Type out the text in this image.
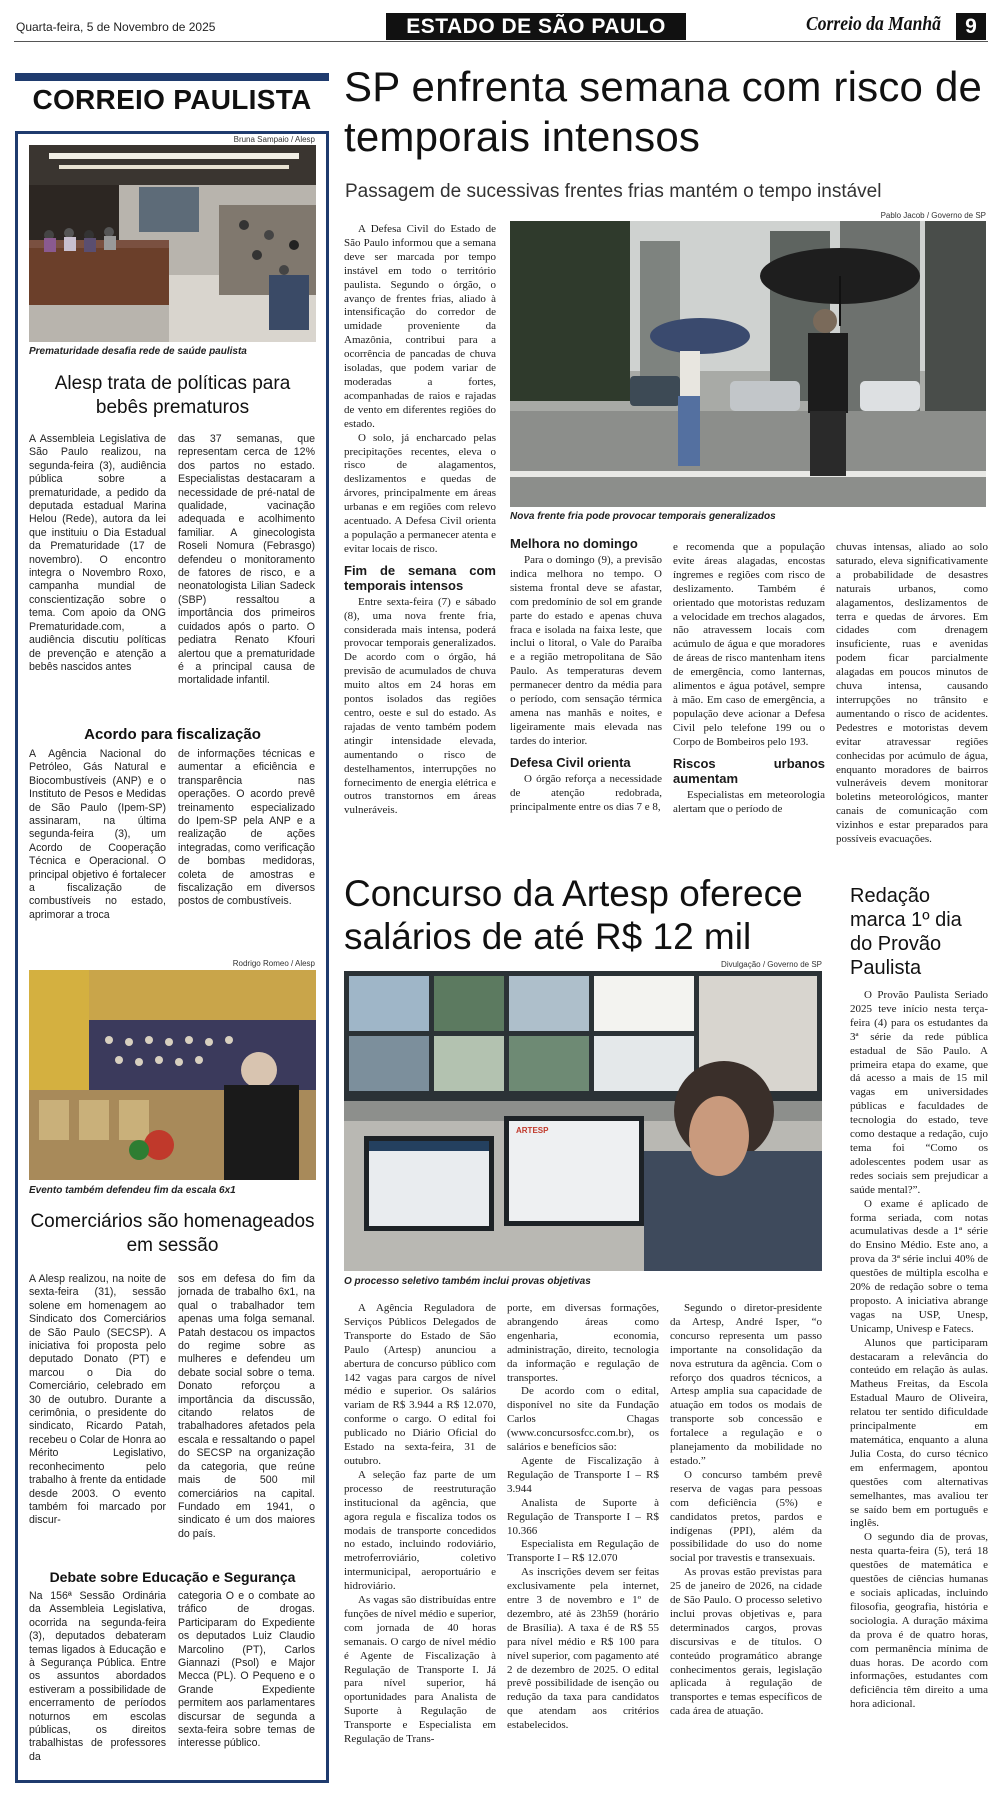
Quarta-feira, 5 de Novembro de 2025	ESTADO DE SÃO PAULO	Correio da Manhã	9
CORREIO PAULISTA
Bruna Sampaio / Alesp
Prematuridade desafia rede de saúde paulista
Alesp trata de políticas para bebês prematuros
A Assembleia Legislativa de São Paulo realizou, na segunda-feira (3), audiência pública sobre a prematuridade, a pedido da deputada estadual Marina Helou (Rede), autora da lei que instituiu o Dia Estadual da Prematuridade (17 de novembro). O encontro integra o Novembro Roxo, campanha mundial de conscientização sobre o tema. Com apoio da ONG Prematuridade.com, a audiência discutiu políticas de prevenção e atenção a bebês nascidos antes
das 37 semanas, que representam cerca de 12% dos partos no estado. Especialistas destacaram a necessidade de pré-natal de qualidade, vacinação adequada e acolhimento familiar. A ginecologista Roseli Nomura (Febrasgo) defendeu o monitoramento de fatores de risco, e a neonatologista Lilian Sadeck (SBP) ressaltou a importância dos primeiros cuidados após o parto. O pediatra Renato Kfouri alertou que a prematuridade é a principal causa de mortalidade infantil.
Acordo para fiscalização
A Agência Nacional do Petróleo, Gás Natural e Biocombustíveis (ANP) e o Instituto de Pesos e Medidas de São Paulo (Ipem-SP) assinaram, na última segunda-feira (3), um Acordo de Cooperação Técnica e Operacional. O principal objetivo é fortalecer a fiscalização de combustíveis no estado, aprimorar a troca
de informações técnicas e aumentar a eficiência e transparência nas operações. O acordo prevê treinamento especializado do Ipem-SP pela ANP e a realização de ações integradas, como verificação de bombas medidoras, coleta de amostras e fiscalização em diversos postos de combustíveis.
Rodrigo Romeo / Alesp
Evento também defendeu fim da escala 6x1
Comerciários são homenageados em sessão
A Alesp realizou, na noite de sexta-feira (31), sessão solene em homenagem ao Sindicato dos Comerciários de São Paulo (SECSP). A iniciativa foi proposta pelo deputado Donato (PT) e marcou o Dia do Comerciário, celebrado em 30 de outubro. Durante a cerimônia, o presidente do sindicato, Ricardo Patah, recebeu o Colar de Honra ao Mérito Legislativo, reconhecimento pelo trabalho à frente da entidade desde 2003. O evento também foi marcado por discur-
sos em defesa do fim da jornada de trabalho 6x1, na qual o trabalhador tem apenas uma folga semanal. Patah destacou os impactos do regime sobre as mulheres e defendeu um debate social sobre o tema. Donato reforçou a importância da discussão, citando relatos de trabalhadores afetados pela escala e ressaltando o papel do SECSP na organização da categoria, que reúne mais de 500 mil comerciários na capital. Fundado em 1941, o sindicato é um dos maiores do país.
Debate sobre Educação e Segurança
Na 156ª Sessão Ordinária da Assembleia Legislativa, ocorrida na segunda-feira (3), deputados debateram temas ligados à Educação e à Segurança Pública. Entre os assuntos abordados estiveram a possibilidade de encerramento de períodos noturnos em escolas públicas, os direitos trabalhistas de professores da
categoria O e o combate ao tráfico de drogas. Participaram do Expediente os deputados Luiz Claudio Marcolino (PT), Carlos Giannazi (Psol) e Major Mecca (PL). O Pequeno e o Grande Expediente permitem aos parlamentares discursar de segunda a sexta-feira sobre temas de interesse público.
SP enfrenta semana com risco de temporais intensos
Passagem de sucessivas frentes frias mantém o tempo instável
Pablo Jacob / Governo de SP
Nova frente fria pode provocar temporais generalizados

A Defesa Civil do Estado de São Paulo informou que a semana deve ser marcada por tempo instável em todo o território paulista. Segundo o órgão, o avanço de frentes frias, aliado à intensificação do corredor de umidade proveniente da Amazônia, contribui para a ocorrência de pancadas de chuva isoladas, que podem variar de moderadas a fortes, acompanhadas de raios e rajadas de vento em diferentes regiões do estado.

O solo, já encharcado pelas precipitações recentes, eleva o risco de alagamentos, deslizamentos e quedas de árvores, principalmente em áreas urbanas e em regiões com relevo acentuado. A Defesa Civil orienta a população a permanecer atenta e evitar locais de risco.

Fim de semana com temporais intensos

Entre sexta-feira (7) e sábado (8), uma nova frente fria, considerada mais intensa, poderá provocar temporais generalizados. De acordo com o órgão, há previsão de acumulados de chuva muito altos em 24 horas em pontos isolados das regiões centro, oeste e sul do estado. As rajadas de vento também podem atingir intensidade elevada, aumentando o risco de destelhamentos, interrupções no fornecimento de energia elétrica e outros transtornos em áreas vulneráveis.

Melhora no domingo

Para o domingo (9), a previsão indica melhora no tempo. O sistema frontal deve se afastar, com predomínio de sol em grande parte do estado e apenas chuva fraca e isolada na faixa leste, que inclui o litoral, o Vale do Paraíba e a região metropolitana de São Paulo. As temperaturas devem permanecer dentro da média para o período, com sensação térmica amena nas manhãs e noites, e ligeiramente mais elevada nas tardes do interior.

Defesa Civil orienta

O órgão reforça a necessidade de atenção redobrada, principalmente entre os dias 7 e 8,

e recomenda que a população evite áreas alagadas, encostas íngremes e regiões com risco de deslizamento. Também é orientado que motoristas reduzam a velocidade em trechos alagados, não atravessem locais com acúmulo de água e que moradores de áreas de risco mantenham itens de emergência, como lanternas, alimentos e água potável, sempre à mão. Em caso de emergência, a população deve acionar a Defesa Civil pelo telefone 199 ou o Corpo de Bombeiros pelo 193.

Riscos urbanos aumentam

Especialistas em meteorologia alertam que o período de

chuvas intensas, aliado ao solo saturado, eleva significativamente a probabilidade de desastres naturais urbanos, como alagamentos, deslizamentos de terra e quedas de árvores. Em cidades com drenagem insuficiente, ruas e avenidas podem ficar parcialmente alagadas em poucos minutos de chuva intensa, causando interrupções no trânsito e aumentando o risco de acidentes. Pedestres e motoristas devem evitar atravessar regiões conhecidas por acúmulo de água, enquanto moradores de bairros vulneráveis devem monitorar boletins meteorológicos, manter canais de comunicação com vizinhos e estar preparados para possíveis evacuações.

Concurso da Artesp oferece salários de até R$ 12 mil
Divulgação / Governo de SP
ARTESP
O processo seletivo também inclui provas objetivas

A Agência Reguladora de Serviços Públicos Delegados de Transporte do Estado de São Paulo (Artesp) anunciou a abertura de concurso público com 142 vagas para cargos de nível médio e superior. Os salários variam de R$ 3.944 a R$ 12.070, conforme o cargo. O edital foi publicado no Diário Oficial do Estado na sexta-feira, 31 de outubro.

A seleção faz parte de um processo de reestruturação institucional da agência, que agora regula e fiscaliza todos os modais de transporte concedidos no estado, incluindo rodoviário, metroferroviário, coletivo intermunicipal, aeroportuário e hidroviário.

As vagas são distribuídas entre funções de nível médio e superior, com jornada de 40 horas semanais. O cargo de nível médio é Agente de Fiscalização à Regulação de Transporte I. Já para nível superior, há oportunidades para Analista de Suporte à Regulação de Transporte e Especialista em Regulação de Trans-

porte, em diversas formações, abrangendo áreas como engenharia, economia, administração, direito, tecnologia da informação e regulação de transportes.

De acordo com o edital, disponível no site da Fundação Carlos Chagas (www.concursosfcc.com.br), os salários e benefícios são:

Agente de Fiscalização à Regulação de Transporte I – R$ 3.944

Analista de Suporte à Regulação de Transporte I – R$ 10.366

Especialista em Regulação de Transporte I – R$ 12.070

As inscrições devem ser feitas exclusivamente pela internet, entre 3 de novembro e 1º de dezembro, até às 23h59 (horário de Brasília). A taxa é de R$ 55 para nível médio e R$ 100 para nível superior, com pagamento até 2 de dezembro de 2025. O edital prevê possibilidade de isenção ou redução da taxa para candidatos que atendam aos critérios estabelecidos.

Segundo o diretor-presidente da Artesp, André Isper, “o concurso representa um passo importante na consolidação da nova estrutura da agência. Com o reforço dos quadros técnicos, a Artesp amplia sua capacidade de atuação em todos os modais de transporte sob concessão e fortalece a regulação e o planejamento da mobilidade no estado.”

O concurso também prevê reserva de vagas para pessoas com deficiência (5%) e candidatos pretos, pardos e indígenas (PPI), além da possibilidade do uso do nome social por travestis e transexuais.

As provas estão previstas para 25 de janeiro de 2026, na cidade de São Paulo. O processo seletivo inclui provas objetivas e, para determinados cargos, provas discursivas e de títulos. O conteúdo programático abrange conhecimentos gerais, legislação aplicada à regulação de transportes e temas específicos de cada área de atuação.

Redação marca 1º dia do Provão Paulista

O Provão Paulista Seriado 2025 teve início nesta terça-feira (4) para os estudantes da 3ª série da rede pública estadual de São Paulo. A primeira etapa do exame, que dá acesso a mais de 15 mil vagas em universidades públicas e faculdades de tecnologia do estado, teve como destaque a redação, cujo tema foi “Como os adolescentes podem usar as redes sociais sem prejudicar a saúde mental?”.

O exame é aplicado de forma seriada, com notas acumulativas desde a 1ª série do Ensino Médio. Este ano, a prova da 3ª série inclui 40% de questões de múltipla escolha e 20% de redação sobre o tema proposto. A iniciativa abrange vagas na USP, Unesp, Unicamp, Univesp e Fatecs.

Alunos que participaram destacaram a relevância do conteúdo em relação às aulas. Matheus Freitas, da Escola Estadual Mauro de Oliveira, relatou ter sentido dificuldade principalmente em matemática, enquanto a aluna Julia Costa, do curso técnico em enfermagem, apontou questões com alternativas semelhantes, mas avaliou ter se saído bem em português e inglês.

O segundo dia de provas, nesta quarta-feira (5), terá 18 questões de matemática e questões de ciências humanas e sociais aplicadas, incluindo filosofia, geografia, história e sociologia. A duração máxima da prova é de quatro horas, com permanência mínima de duas horas. De acordo com informações, estudantes com deficiência têm direito a uma hora adicional.
